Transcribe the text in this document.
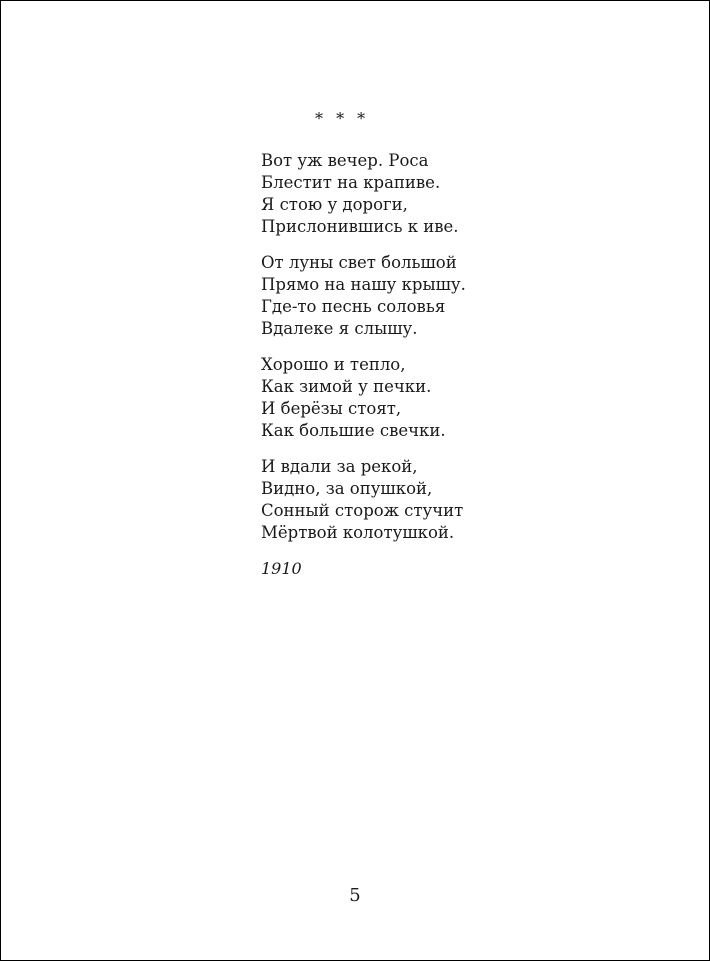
* * *
Вот уж вечер. Роса
Блестит на крапиве.
Я стою у дороги,
Прислонившись к иве.
От луны свет большой
Прямо на нашу крышу.
Где-то песнь соловья
Вдалеке я слышу.
Хорошо и тепло,
Как зимой у печки.
И берёзы стоят,
Как большие свечки.
И вдали за рекой,
Видно, за опушкой,
Сонный сторож стучит
Мёртвой колотушкой.
1910
5
